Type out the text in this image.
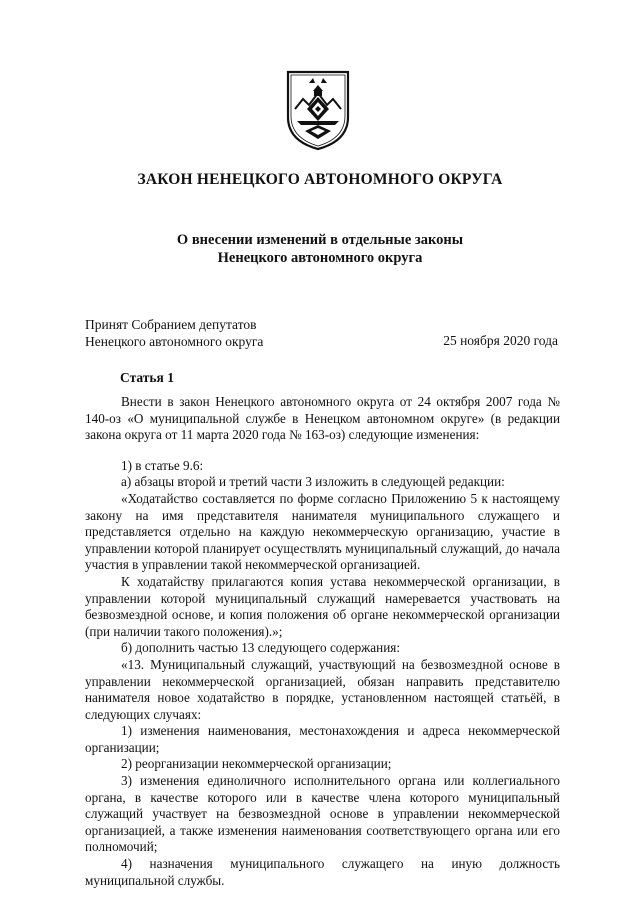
ЗАКОН НЕНЕЦКОГО АВТОНОМНОГО ОКРУГА
О внесении изменений в отдельные законы
Ненецкого автономного округа
Принят Собранием депутатов
Ненецкого автономного округа	25 ноября 2020 года
Статья 1

Внести в закон Ненецкого автономного округа от 24 октября 2007 года № 140-оз «О муниципальной службе в Ненецком автономном округе» (в редакции закона округа от 11 марта 2020 года № 163-оз) следующие изменения:

1) в статье 9.6:

а) абзацы второй и третий части 3 изложить в следующей редакции:

«Ходатайство составляется по форме согласно Приложению 5 к настоящему закону на имя представителя нанимателя муниципального служащего и представляется отдельно на каждую некоммерческую организацию, участие в управлении которой планирует осуществлять муниципальный служащий, до начала участия в управлении такой некоммерческой организацией.

К ходатайству прилагаются копия устава некоммерческой организации, в управлении которой муниципальный служащий намеревается участвовать на безвозмездной основе, и копия положения об органе некоммерческой организации (при наличии такого положения).»;

б) дополнить частью 13 следующего содержания:

«13. Муниципальный служащий, участвующий на безвозмездной основе в управлении некоммерческой организацией, обязан направить представителю нанимателя новое ходатайство в порядке, установленном настоящей статьёй, в следующих случаях:

1) изменения наименования, местонахождения и адреса некоммерческой организации;

2) реорганизации некоммерческой организации;

3) изменения единоличного исполнительного органа или коллегиального органа, в качестве которого или в качестве члена которого муниципальный служащий участвует на безвозмездной основе в управлении некоммерческой организацией, а также изменения наименования соответствующего органа или его полномочий;

4) назначения муниципального служащего на иную должность муниципальной службы.
